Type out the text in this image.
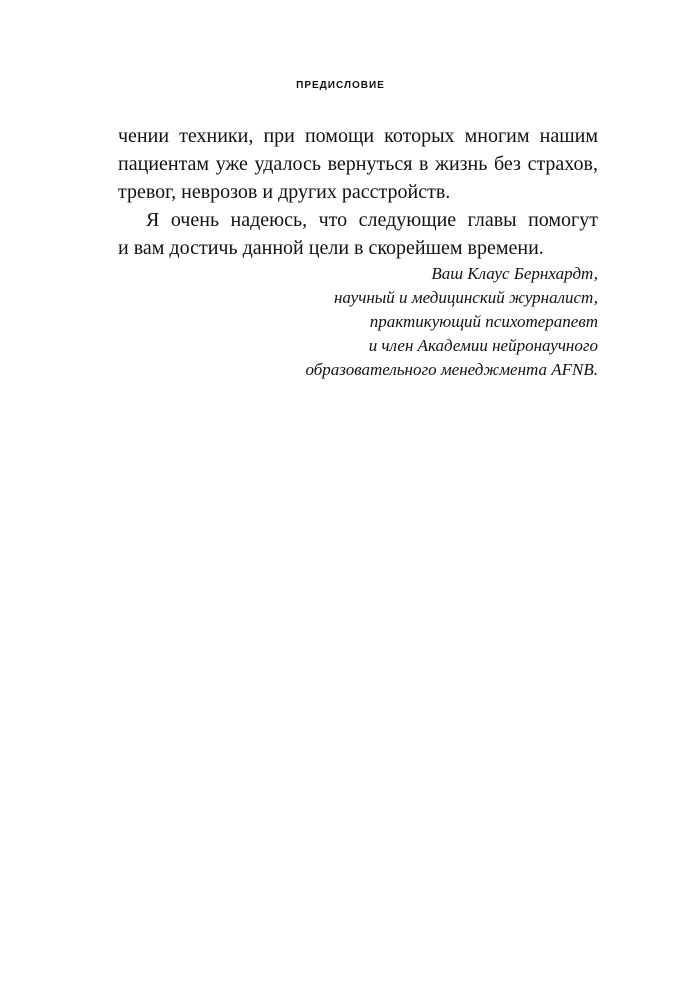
ПРЕДИСЛОВИЕ
чении техники, при помощи которых многим нашим
пациентам уже удалось вернуться в жизнь без страхов,
тревог, неврозов и других расстройств.
Я очень надеюсь, что следующие главы помогут
и вам достичь данной цели в скорейшем времени.
Ваш Клаус Бернхардт,
научный и медицинский журналист,
практикующий психотерапевт
и член Академии нейронаучного
образовательного менеджмента AFNB.
